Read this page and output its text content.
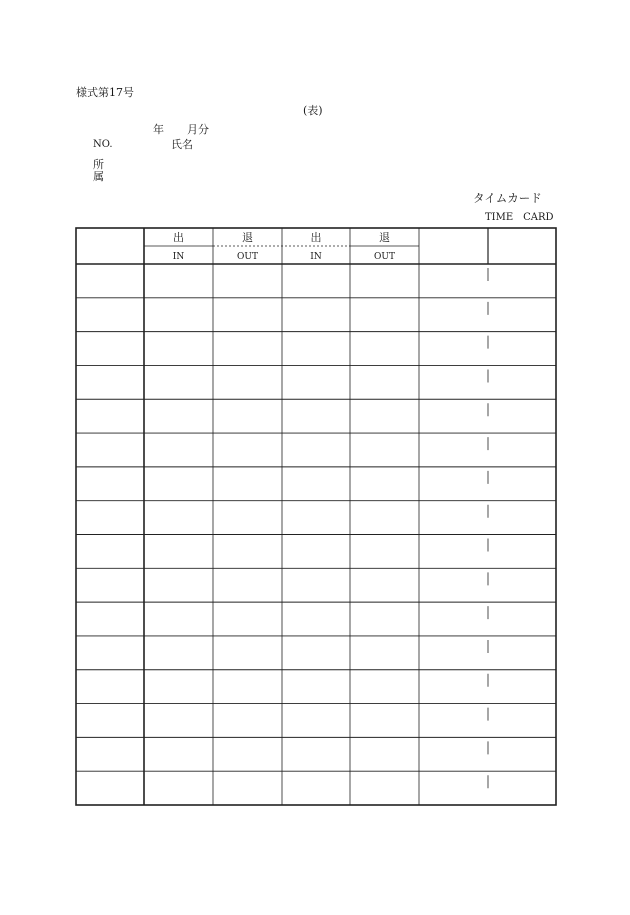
様式第17号
(表)
年 月分
NO.	氏名
所
属
タイムカード
TIME　CARD
出
IN
退
OUT
出
IN
退
OUT
